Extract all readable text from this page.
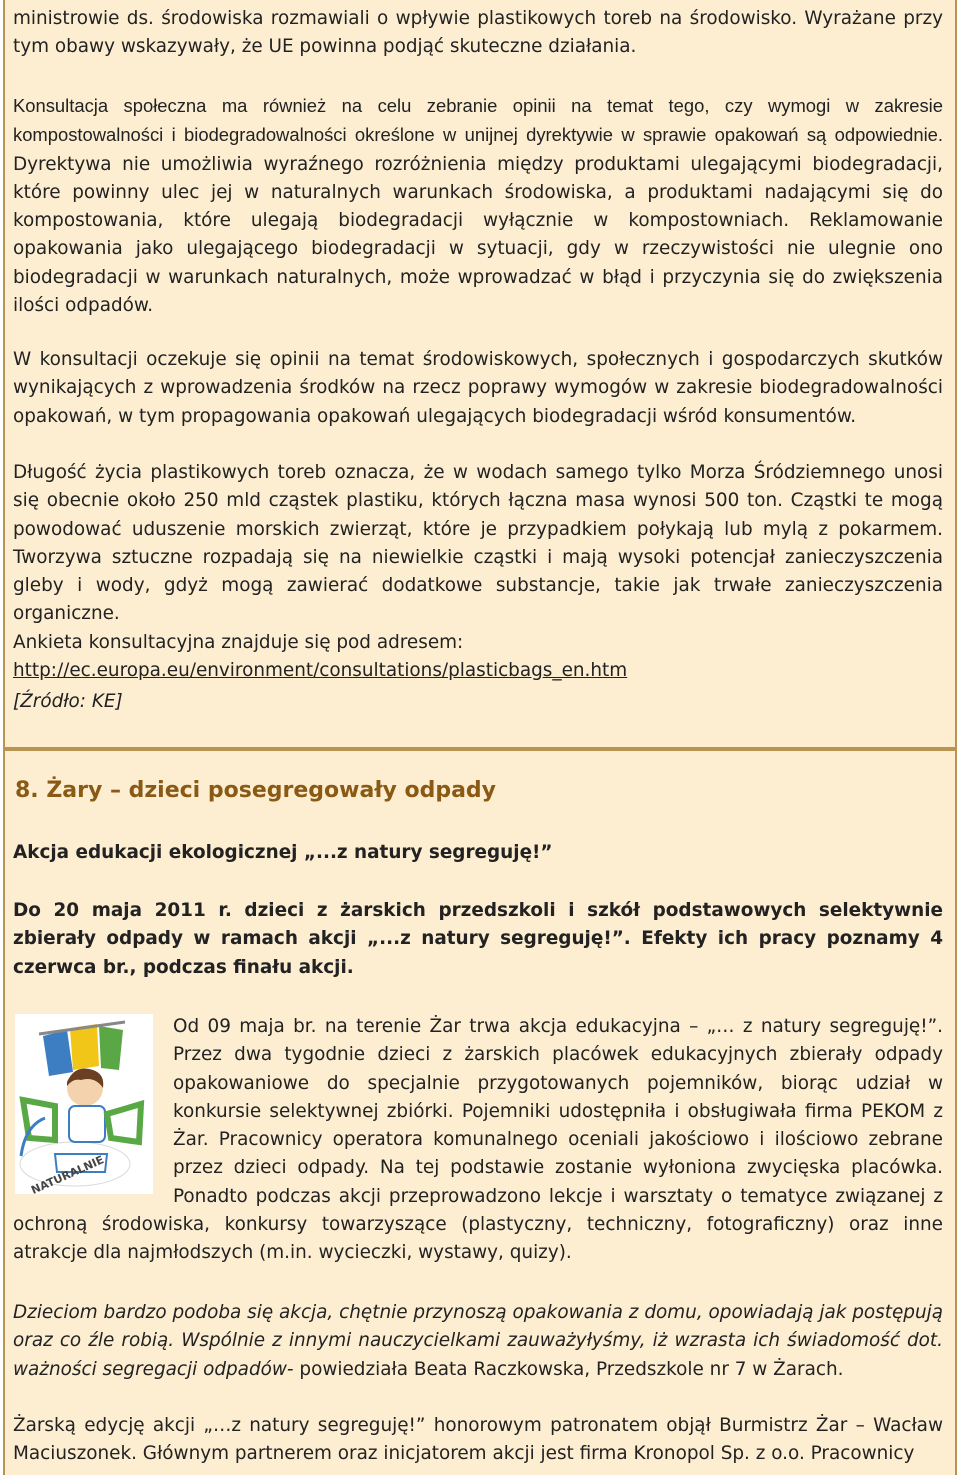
ministrowie ds. środowiska rozmawiali o wpływie plastikowych toreb na środowisko. Wyrażane przy tym obawy wskazywały, że UE powinna podjąć skuteczne działania.

Konsultacja społeczna ma również na celu zebranie opinii na temat tego, czy wymogi w zakresie kompostowalności i biodegradowalności określone w unijnej dyrektywie w sprawie opakowań są odpowiednie. Dyrektywa nie umożliwia wyraźnego rozróżnienia między produktami ulegającymi biodegradacji, które powinny ulec jej w naturalnych warunkach środowiska, a produktami nadającymi się do kompostowania, które ulegają biodegradacji wyłącznie w kompostowniach. Reklamowanie opakowania jako ulegającego biodegradacji w sytuacji, gdy w rzeczywistości nie ulegnie ono biodegradacji w warunkach naturalnych, może wprowadzać w błąd i przyczynia się do zwiększenia ilości odpadów.

W konsultacji oczekuje się opinii na temat środowiskowych, społecznych i gospodarczych skutków wynikających z wprowadzenia środków na rzecz poprawy wymogów w zakresie biodegradowalności opakowań, w tym propagowania opakowań ulegających biodegradacji wśród konsumentów.

Długość życia plastikowych toreb oznacza, że w wodach samego tylko Morza Śródziemnego unosi się obecnie około 250 mld cząstek plastiku, których łączna masa wynosi 500 ton. Cząstki te mogą powodować uduszenie morskich zwierząt, które je przypadkiem połykają lub mylą z pokarmem. Tworzywa sztuczne rozpadają się na niewielkie cząstki i mają wysoki potencjał zanieczyszczenia gleby i wody, gdyż mogą zawierać dodatkowe substancje, takie jak trwałe zanieczyszczenia organiczne.
Ankieta konsultacyjna znajduje się pod adresem:
http://ec.europa.eu/environment/consultations/plasticbags_en.htm

[Źródło: KE]

8. Żary – dzieci posegregowały odpady

Akcja edukacji ekologicznej „...z natury segreguję!”

Do 20 maja 2011 r. dzieci z żarskich przedszkoli i szkół podstawowych selektywnie zbierały odpady w ramach akcji „...z natury segreguję!”. Efekty ich pracy poznamy 4 czerwca br., podczas finału akcji.

NATURALNIE

Od 09 maja br. na terenie Żar trwa akcja edukacyjna – „… z natury segreguję!”. Przez dwa tygodnie dzieci z żarskich placówek edukacyjnych zbierały odpady opakowaniowe do specjalnie przygotowanych pojemników, biorąc udział w konkursie selektywnej zbiórki. Pojemniki udostępniła i obsługiwała firma PEKOM z Żar. Pracownicy operatora komunalnego oceniali jakościowo i ilościowo zebrane przez dzieci odpady. Na tej podstawie zostanie wyłoniona zwycięska placówka. Ponadto podczas akcji przeprowadzono lekcje i warsztaty o tematyce związanej z ochroną środowiska, konkursy towarzyszące (plastyczny, techniczny, fotograficzny) oraz inne atrakcje dla najmłodszych (m.in. wycieczki, wystawy, quizy).

Dzieciom bardzo podoba się akcja, chętnie przynoszą opakowania z domu, opowiadają jak postępują oraz co źle robią. Wspólnie z innymi nauczycielkami zauważyłyśmy, iż wzrasta ich świadomość dot. ważności segregacji odpadów- powiedziała Beata Raczkowska, Przedszkole nr 7 w Żarach.

Żarską edycję akcji „…z natury segreguję!” honorowym patronatem objął Burmistrz Żar – Wacław Maciuszonek. Głównym partnerem oraz inicjatorem akcji jest firma Kronopol Sp. z o.o. Pracownicy
